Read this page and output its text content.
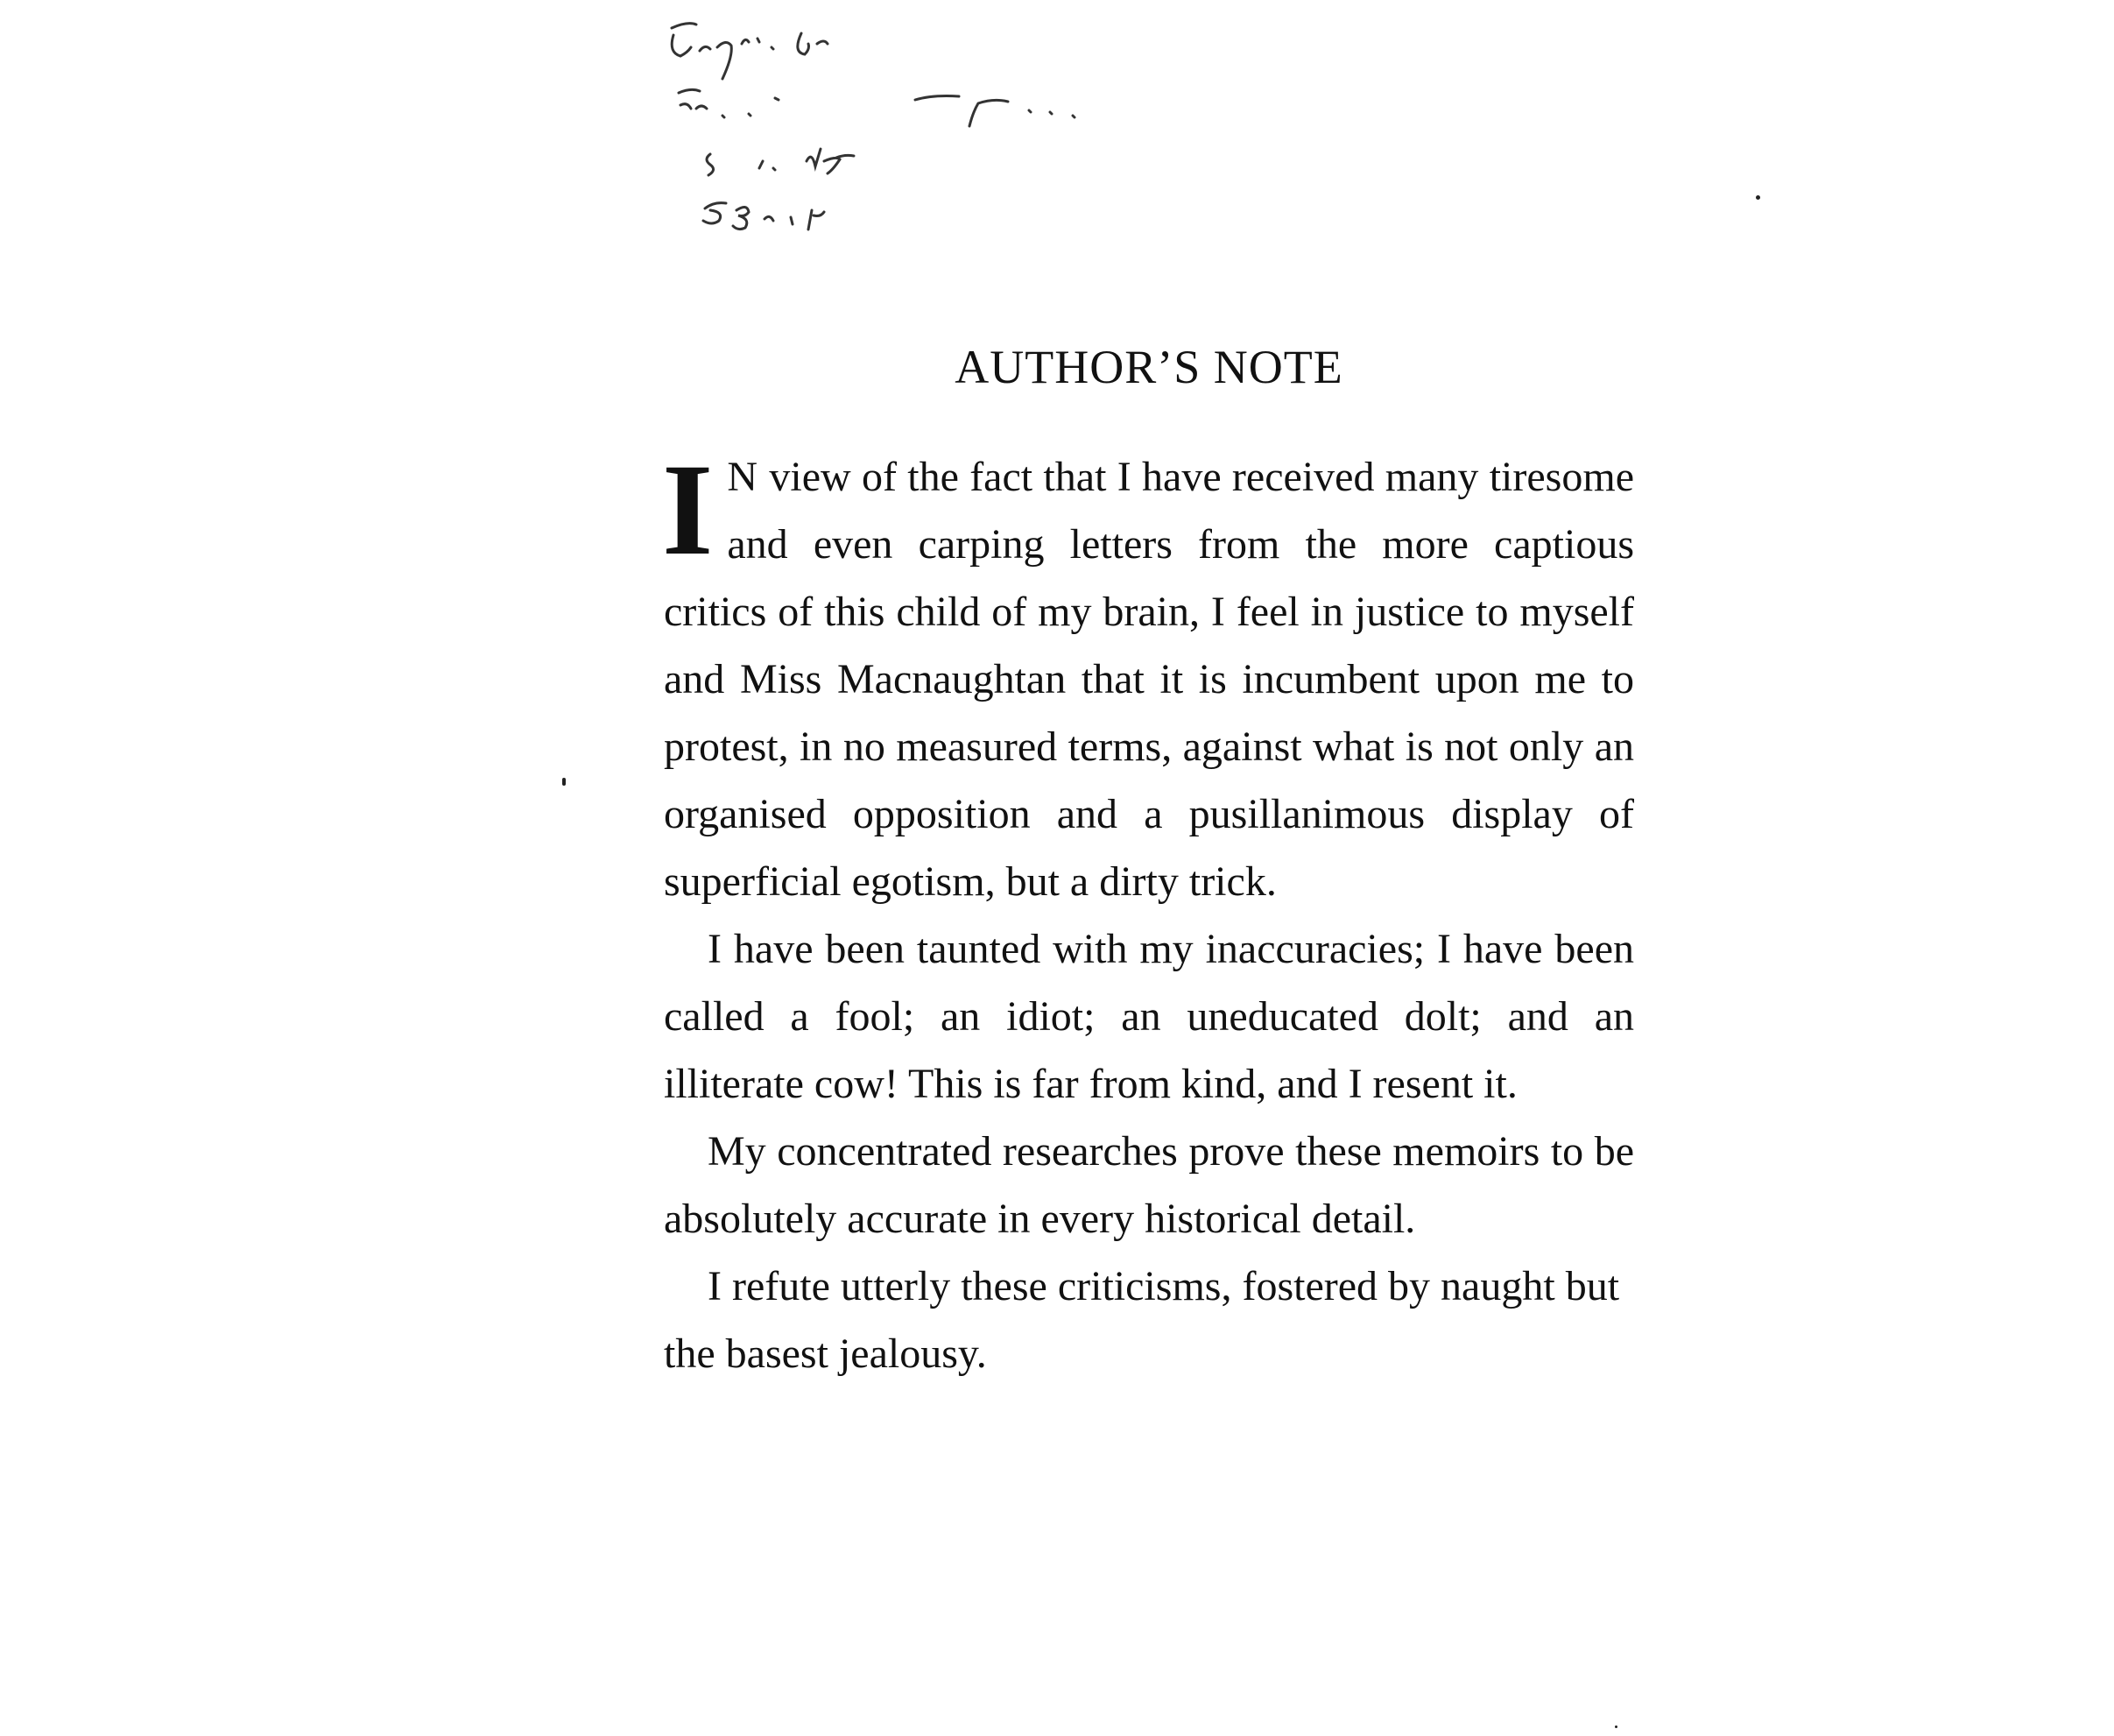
AUTHOR’S NOTE

I N view of the fact that I have received many tiresome and even carping letters from the more captious critics of this child of my brain, I feel in justice to myself and Miss Macnaughtan that it is incumbent upon me to protest, in no measured terms, against what is not only an organised opposition and a pusillanimous display of superficial egotism, but a dirty trick.

I have been taunted with my inaccuracies; I have been called a fool; an idiot; an uneducated dolt; and an illiterate cow! This is far from kind, and I resent it.

My concentrated researches prove these memoirs to be absolutely accurate in every historical detail.

I refute utterly these criticisms, fostered by naught but the basest jealousy.
